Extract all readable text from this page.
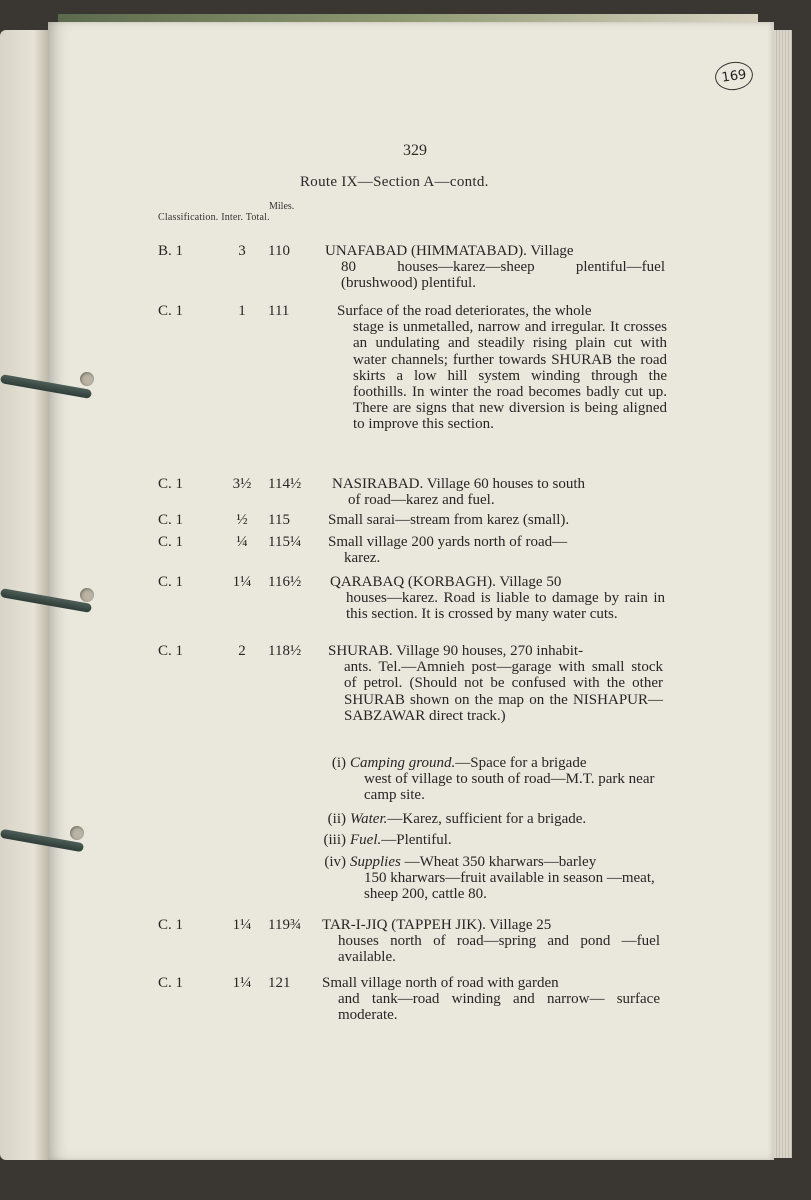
169
329
Route IX—Section A—contd.
Miles.
Classification. Inter. Total.
B. 1	3	110 UNAFABAD (HIMMATABAD). Village
80 houses—karez—sheep plentiful—fuel (brushwood) plentiful.
C. 1	1	111	Surface of the road deteriorates, the whole
stage is unmetalled, narrow and irregular. It crosses an undulating and steadily rising plain cut with water channels; further towards SHURAB the road skirts a low hill system winding through the foothills. In winter the road becomes badly cut up. There are signs that new diversion is being aligned to improve this section.
C. 1	3½ 114½ NASIRABAD. Village 60 houses to south
of road—karez and fuel.
C. 1	½ 115	Small sarai—stream from karez (small).
C. 1	¼ 115¼ Small village 200 yards north of road—
karez.
C. 1	1¼ 116½ QARABAQ (KORBAGH). Village 50
houses—karez. Road is liable to damage by rain in this section. It is crossed by many water cuts.
C. 1	2	118½ SHURAB. Village 90 houses, 270 inhabit-
ants. Tel.—Amnieh post—garage with small stock of petrol. (Should not be confused with the other SHURAB shown on the map on the NISHAPUR—SABZAWAR direct track.)
(i) Camping ground.—Space for a brigade
west of village to south of road—M.T. park near camp site.
(ii) Water.—Karez, sufficient for a brigade.
(iii) Fuel.—Plentiful.
(iv) Supplies —Wheat 350 kharwars—barley
150 kharwars—fruit available in season —meat, sheep 200, cattle 80.
C. 1	1¼ 119¾ TAR-I-JIQ (TAPPEH JIK). Village 25
houses north of road—spring and pond —fuel available.
C. 1	1¼ 121 Small village north of road with garden
and tank—road winding and narrow— surface moderate.
